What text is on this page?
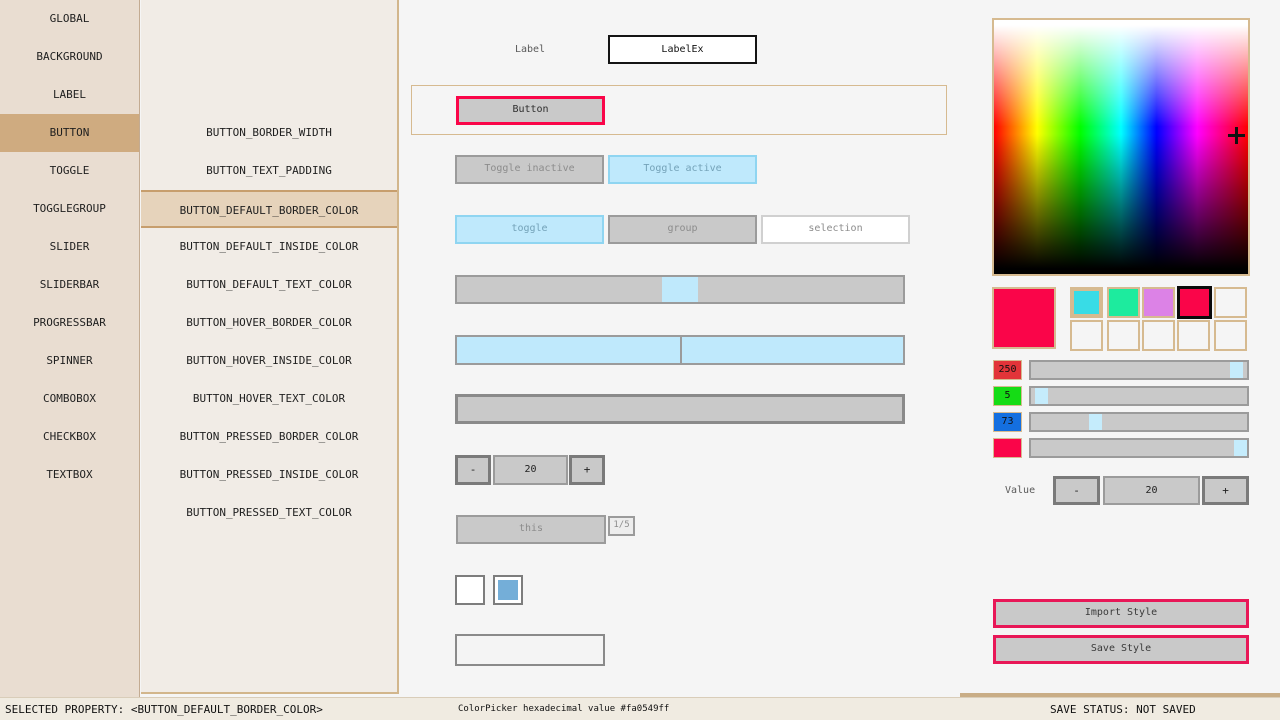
GLOBAL
BACKGROUND
LABEL
BUTTON
TOGGLE
TOGGLEGROUP
SLIDER
SLIDERBAR
PROGRESSBAR
SPINNER
COMBOBOX
CHECKBOX
TEXTBOX
BUTTON_BORDER_WIDTH
BUTTON_TEXT_PADDING
BUTTON_DEFAULT_BORDER_COLOR
BUTTON_DEFAULT_INSIDE_COLOR
BUTTON_DEFAULT_TEXT_COLOR
BUTTON_HOVER_BORDER_COLOR
BUTTON_HOVER_INSIDE_COLOR
BUTTON_HOVER_TEXT_COLOR
BUTTON_PRESSED_BORDER_COLOR
BUTTON_PRESSED_INSIDE_COLOR
BUTTON_PRESSED_TEXT_COLOR
Label	LabelEx
Button
Toggle inactive	Toggle active
toggle	group	selection
-	20	+
this	1/5
250
5
73
Value	-	20	+
Import Style
Save Style
SELECTED PROPERTY: <BUTTON_DEFAULT_BORDER_COLOR>	ColorPicker hexadecimal value #fa0549ff	SAVE STATUS: NOT SAVED
